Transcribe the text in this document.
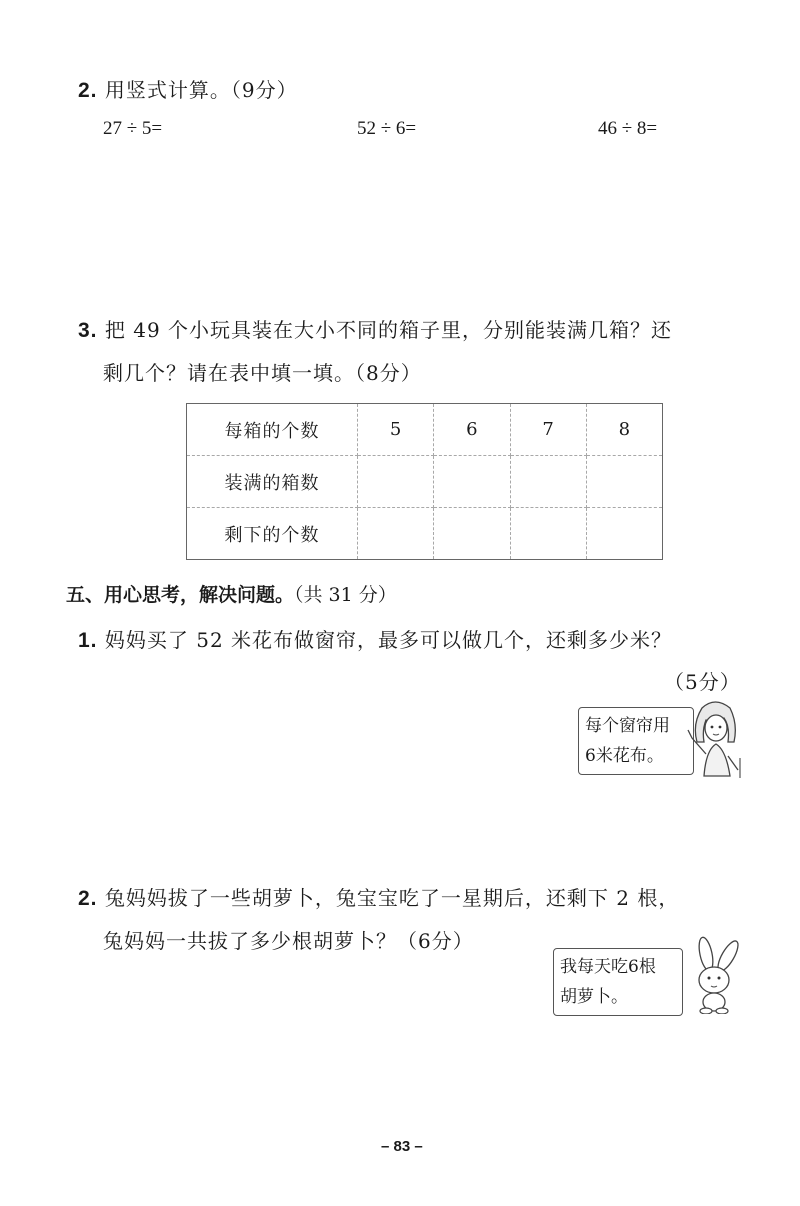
2. 用竖式计算。（9分）
27 ÷ 5=	52 ÷ 6=	46 ÷ 8=
3. 把 49 个小玩具装在大小不同的箱子里，分别能装满几箱？还
剩几个？请在表中填一填。（8分）
每箱的个数	5	6	7	8
装满的箱数				
剩下的个数				
五、用心思考，解决问题。（共 31 分）
1. 妈妈买了 52 米花布做窗帘，最多可以做几个，还剩多少米？
（5分）
每个窗帘用
6米花布。
2. 兔妈妈拔了一些胡萝卜，兔宝宝吃了一星期后，还剩下 2 根，
兔妈妈一共拔了多少根胡萝卜？（6分）
我每天吃6根
胡萝卜。
– 83 –
